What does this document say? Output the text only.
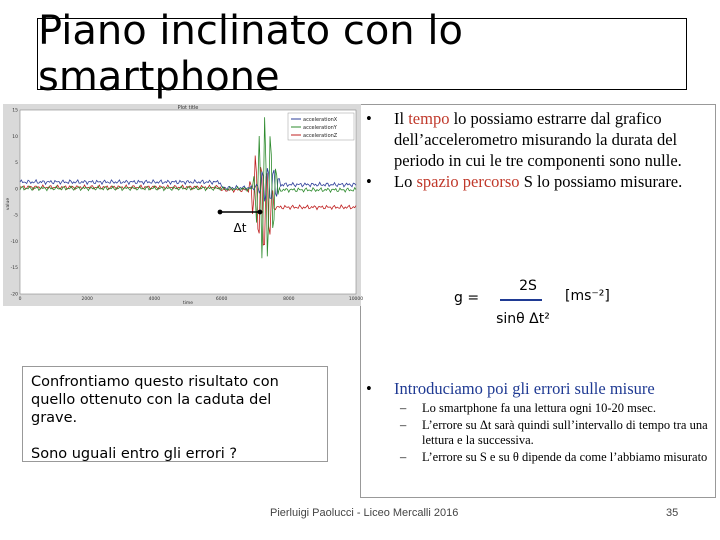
Piano inclinato con lo smartphone
Plot title
time
value
0	2000	4000	6000	8000	10000
15
10
5
0
-5
-10
-15
-20
accelerationX
accelerationY
accelerationZ
Δt
•	Il tempo lo possiamo estrarre dal grafico dell’accelerometro misurando la durata del periodo in cui le tre componenti sono nulle.
•	Lo spazio percorso S lo possiamo misurare.
g =
2S
sinθ Δt²
[ms⁻²]
Confrontiamo questo risultato con quello ottenuto con la caduta del grave.
Sono uguali entro gli errori ?
•	Introduciamo poi gli errori sulle misure
–	Lo smartphone fa una lettura ogni 10-20 msec.
–	L’errore su Δt sarà quindi sull’intervallo di tempo tra una lettura e la successiva.
–	L’errore su S e su θ dipende da come l’abbiamo misurato
Pierluigi Paolucci - Liceo Mercalli 2016	35
